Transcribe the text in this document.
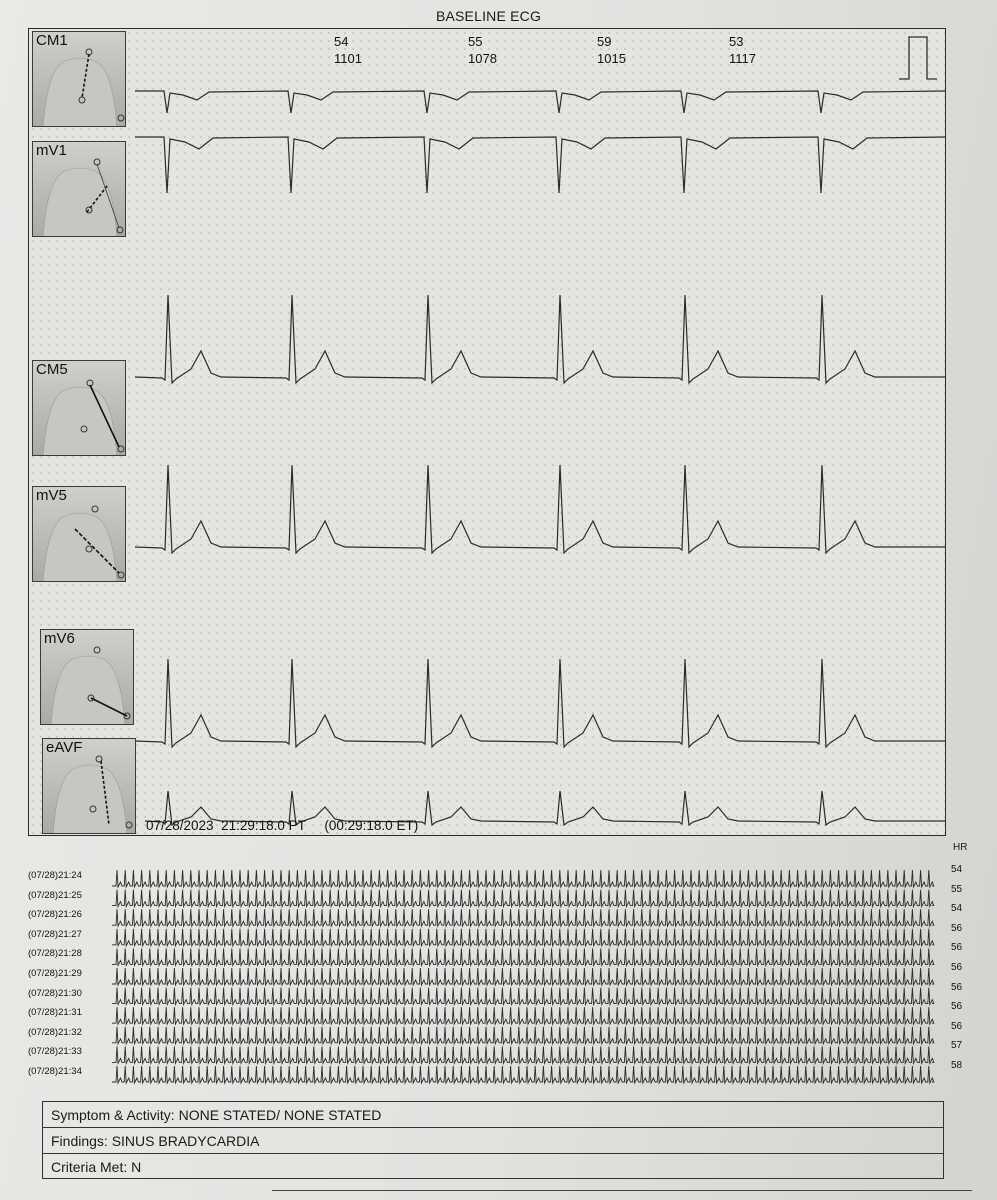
BASELINE ECG
54
1101
55
1078
59
1015
53
1117
CM1
mV1
CM5
mV5
mV6
eAVF
07/28/2023  21:29:18.0 PT     (00:29:18.0 ET)
HR
(07/28)21:24
54
(07/28)21:25
55
(07/28)21:26
54
(07/28)21:27
56
(07/28)21:28
56
(07/28)21:29
56
(07/28)21:30
56
(07/28)21:31
56
(07/28)21:32
56
(07/28)21:33
57
(07/28)21:34
58
Symptom & Activity: NONE STATED/ NONE STATED
Findings: SINUS BRADYCARDIA
Criteria Met: N
